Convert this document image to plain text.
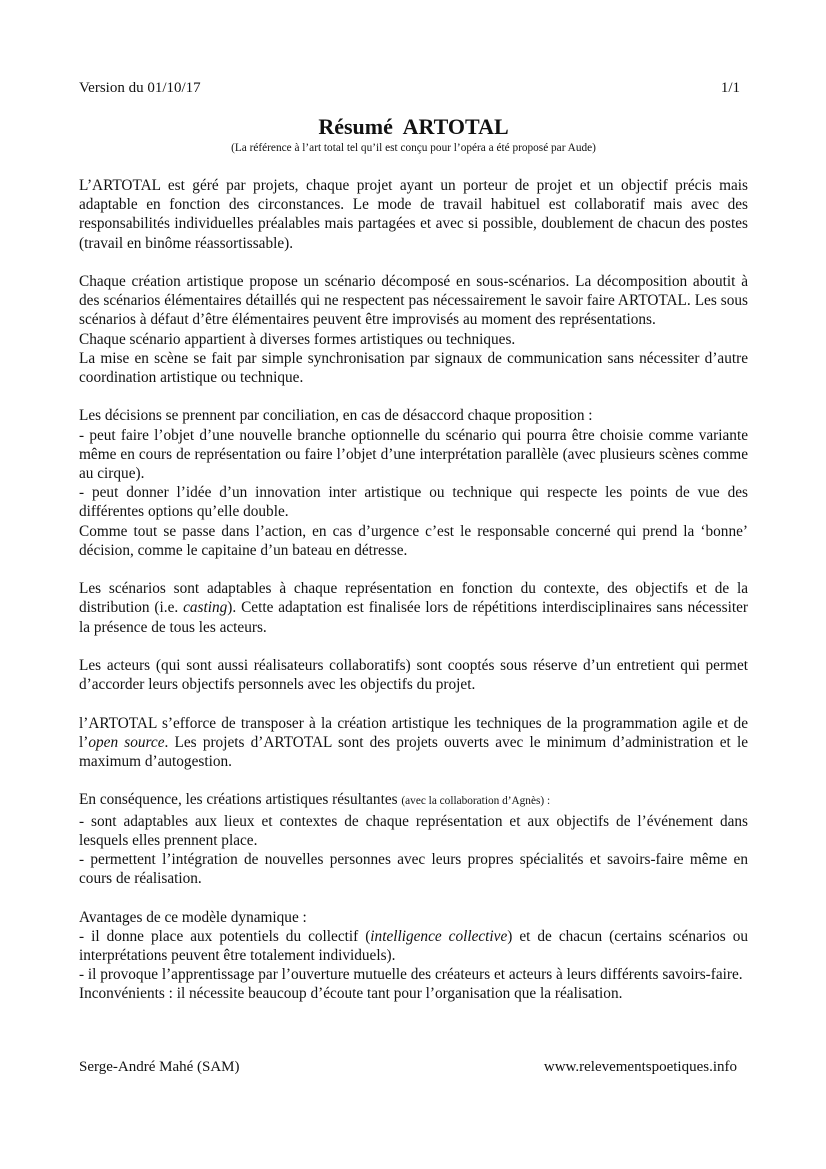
Version du 01/10/17	1/1
Résumé  ARTOTAL
(La référence à l’art total tel qu’il est conçu pour l’opéra a été proposé par Aude)

L’ARTOTAL est géré par projets, chaque projet ayant un porteur de projet et un objectif précis mais adaptable en fonction des circonstances. Le mode de travail habituel est collaboratif mais avec des responsabilités individuelles préalables mais partagées et avec si possible, doublement de chacun des postes (travail en binôme réassortissable).

Chaque création artistique propose un scénario décomposé en sous-scénarios. La décomposition aboutit à des scénarios élémentaires détaillés qui ne respectent pas nécessairement le savoir faire ARTOTAL. Les sous scénarios à défaut d’être élémentaires peuvent être improvisés au moment des représentations.
Chaque scénario appartient à diverses formes artistiques ou techniques.
La mise en scène se fait par simple synchronisation par signaux de communication sans nécessiter d’autre coordination artistique ou technique.
Les décisions se prennent par conciliation, en cas de désaccord chaque proposition :
- peut faire l’objet d’une nouvelle branche optionnelle du scénario qui pourra être choisie comme variante même en cours de représentation ou faire l’objet d’une interprétation parallèle (avec plusieurs scènes comme au cirque).
- peut donner l’idée d’un innovation inter artistique ou technique qui respecte les points de vue des différentes options qu’elle double.
Comme tout se passe dans l’action, en cas d’urgence c’est le responsable concerné qui prend la ‘bonne’ décision, comme le capitaine d’un bateau en détresse.

Les scénarios sont adaptables à chaque représentation en fonction du contexte, des objectifs et de la distribution (i.e. casting). Cette adaptation est finalisée lors de répétitions interdisciplinaires sans nécessiter la présence de tous les acteurs.

Les acteurs (qui sont aussi réalisateurs collaboratifs) sont cooptés sous réserve d’un entretient qui permet d’accorder leurs objectifs personnels avec les objectifs du projet.

l’ARTOTAL s’efforce de transposer à la création artistique les techniques de la programmation agile et de l’open source. Les projets d’ARTOTAL sont des projets ouverts avec le minimum d’administration et le maximum d’autogestion.

En conséquence, les créations artistiques résultantes (avec la collaboration d’Agnès) :
- sont adaptables aux lieux et contextes de chaque représentation et aux objectifs de l’événement dans lesquels elles prennent place.
- permettent l’intégration de nouvelles personnes avec leurs propres spécialités et savoirs-faire même en cours de réalisation.
Avantages de ce modèle dynamique :
- il donne place aux potentiels du collectif (intelligence collective) et de chacun (certains scénarios ou interprétations peuvent être totalement individuels).
- il provoque l’apprentissage par l’ouverture mutuelle des créateurs et acteurs à leurs différents savoirs-faire.
Inconvénients : il nécessite beaucoup d’écoute tant pour l’organisation que la réalisation.
Serge-André Mahé (SAM)	www.relevementspoetiques.info
